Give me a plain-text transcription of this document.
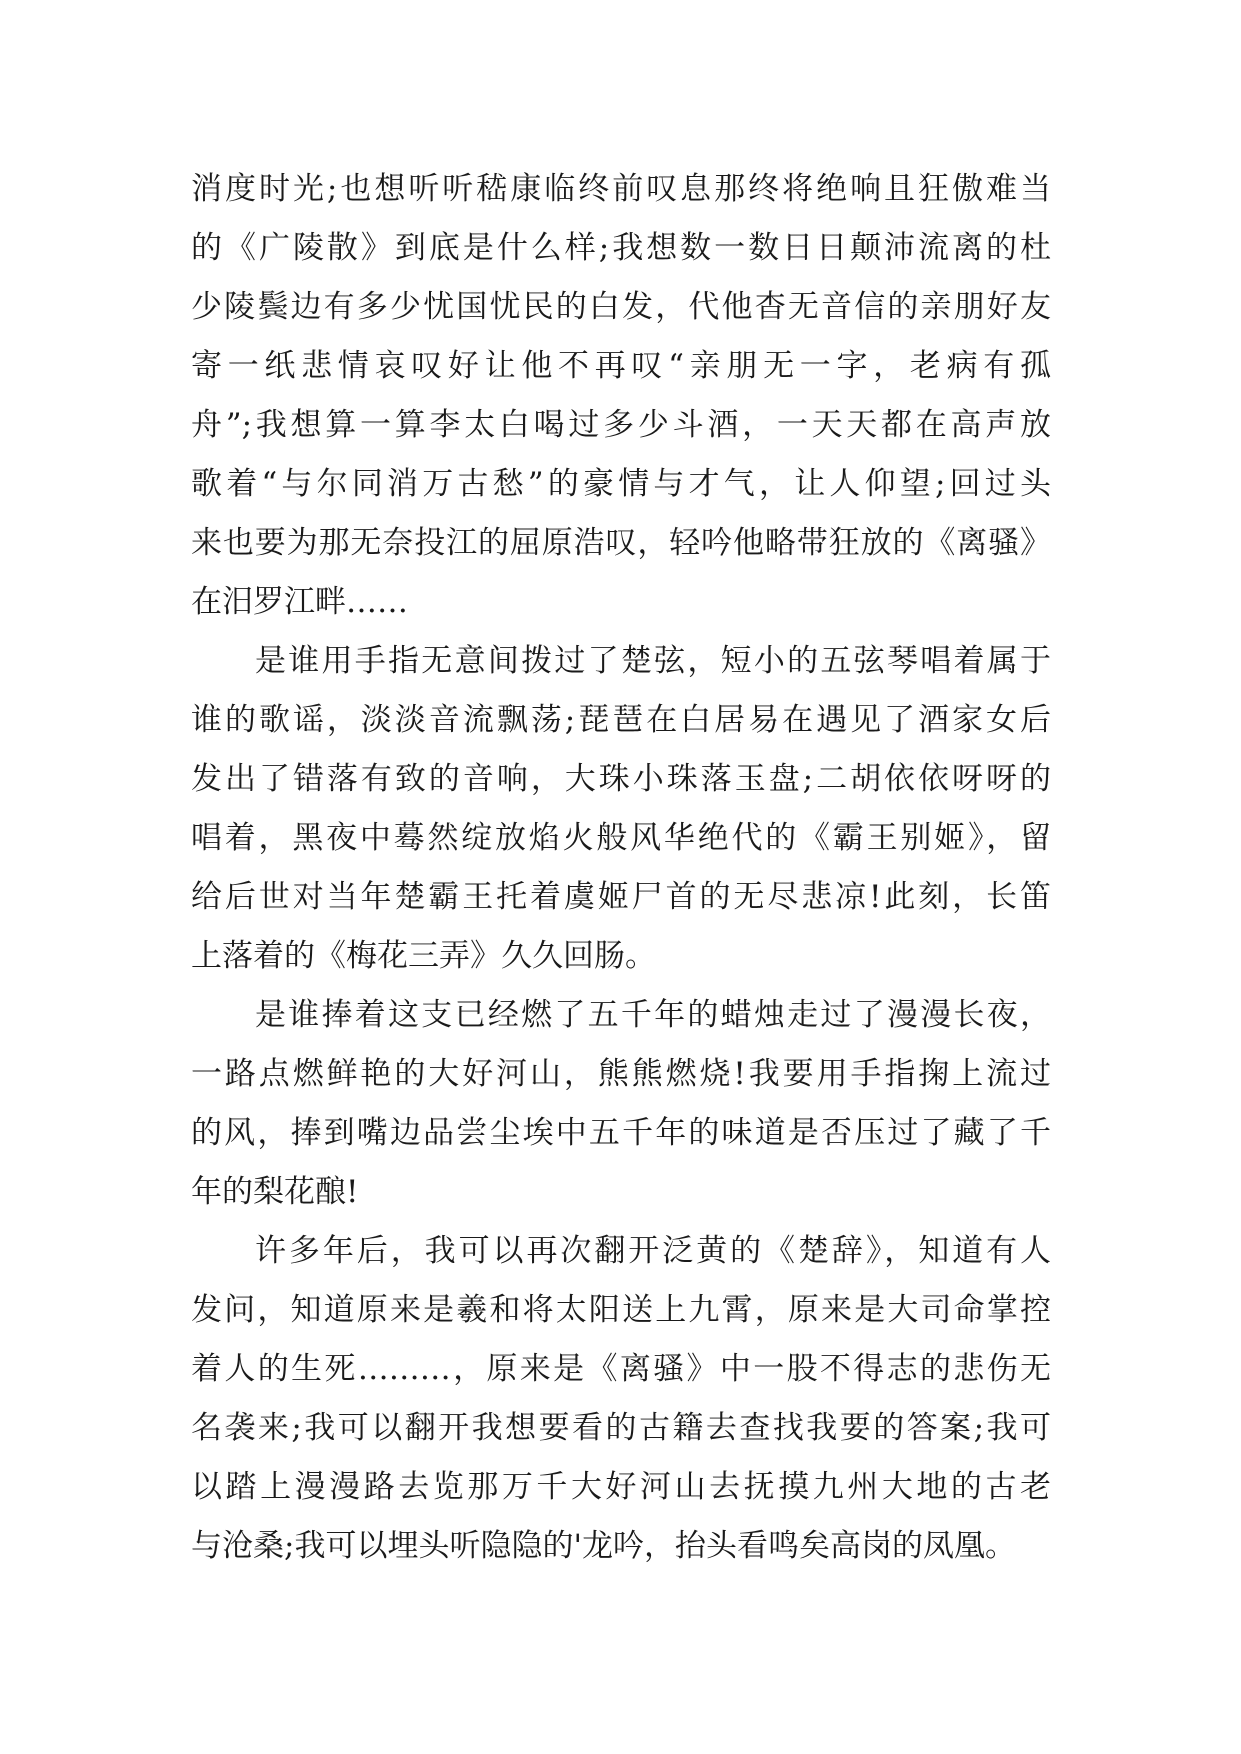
消度时光;也想听听嵇康临终前叹息那终将绝响且狂傲难当
的《广陵散》到底是什么样;我想数一数日日颠沛流离的杜
少陵鬓边有多少忧国忧民的白发，代他杳无音信的亲朋好友
寄一纸悲情哀叹好让他不再叹“亲朋无一字，老病有孤
舟”;我想算一算李太白喝过多少斗酒，一天天都在高声放
歌着“与尔同消万古愁”的豪情与才气，让人仰望;回过头
来也要为那无奈投江的屈原浩叹，轻吟他略带狂放的《离骚》
在汨罗江畔……
是谁用手指无意间拨过了楚弦，短小的五弦琴唱着属于
谁的歌谣，淡淡音流飘荡;琵琶在白居易在遇见了酒家女后
发出了错落有致的音响，大珠小珠落玉盘;二胡依依呀呀的
唱着，黑夜中蓦然绽放焰火般风华绝代的《霸王别姬》，留
给后世对当年楚霸王托着虞姬尸首的无尽悲凉!此刻，长笛
上落着的《梅花三弄》久久回肠。
是谁捧着这支已经燃了五千年的蜡烛走过了漫漫长夜，
一路点燃鲜艳的大好河山，熊熊燃烧!我要用手指掬上流过
的风，捧到嘴边品尝尘埃中五千年的味道是否压过了藏了千
年的梨花酿!
许多年后，我可以再次翻开泛黄的《楚辞》，知道有人
发问，知道原来是羲和将太阳送上九霄，原来是大司命掌控
着人的生死………，原来是《离骚》中一股不得志的悲伤无
名袭来;我可以翻开我想要看的古籍去查找我要的答案;我可
以踏上漫漫路去览那万千大好河山去抚摸九州大地的古老
与沧桑;我可以埋头听隐隐的'龙吟，抬头看鸣矣高岗的凤凰。
